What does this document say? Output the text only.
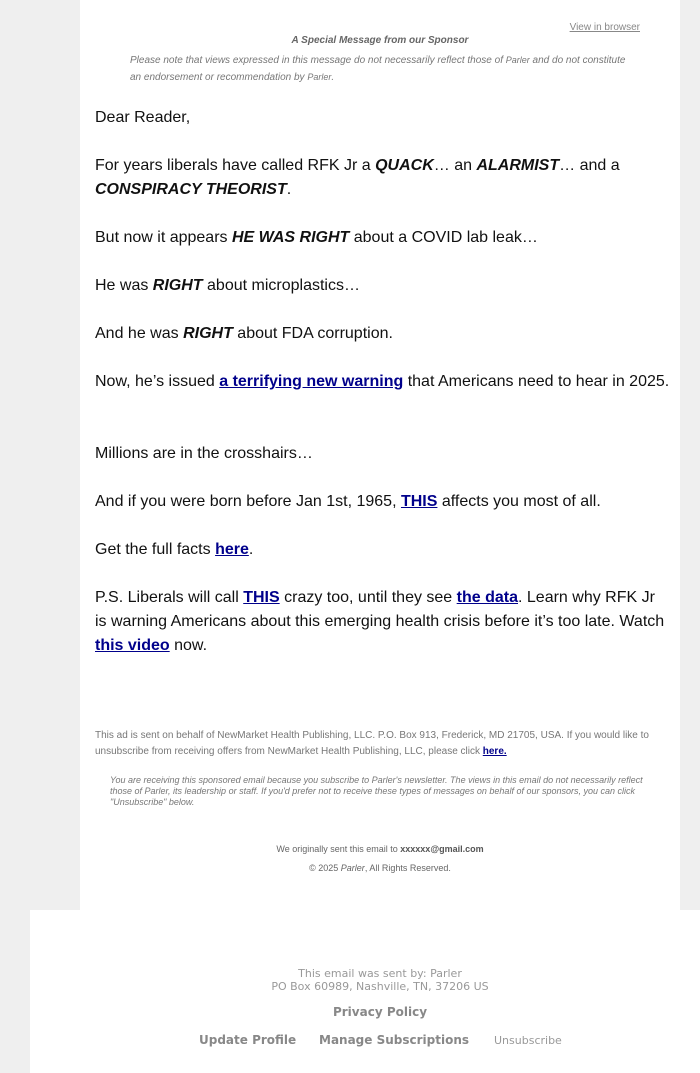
View in browser
A Special Message from our Sponsor
Please note that views expressed in this message do not necessarily reflect those of Parler and do not constitute an endorsement or recommendation by Parler.

Dear Reader,

For years liberals have called RFK Jr a QUACK… an ALARMIST… and a CONSPIRACY THEORIST.

But now it appears HE WAS RIGHT about a COVID lab leak…

He was RIGHT about microplastics…

And he was RIGHT about FDA corruption.

Now, he’s issued a terrifying new warning that Americans need to hear in 2025.

Millions are in the crosshairs…

And if you were born before Jan 1st, 1965, THIS affects you most of all.

Get the full facts here.

P.S. Liberals will call THIS crazy too, until they see the data. Learn why RFK Jr is warning Americans about this emerging health crisis before it’s too late. Watch this video now.

This ad is sent on behalf of NewMarket Health Publishing, LLC. P.O. Box 913, Frederick, MD 21705, USA. If you would like to unsubscribe from receiving offers from NewMarket Health Publishing, LLC, please click here.
You are receiving this sponsored email because you subscribe to Parler's newsletter. The views in this email do not necessarily reflect those of Parler, its leadership or staff. If you'd prefer not to receive these types of messages on behalf of our sponsors, you can click "Unsubscribe" below.
We originally sent this email to xxxxxx@gmail.com
© 2025 Parler, All Rights Reserved.
This email was sent by: Parler
PO Box 60989, Nashville, TN, 37206 US
Privacy Policy
Update Profile Manage Subscriptions Unsubscribe
